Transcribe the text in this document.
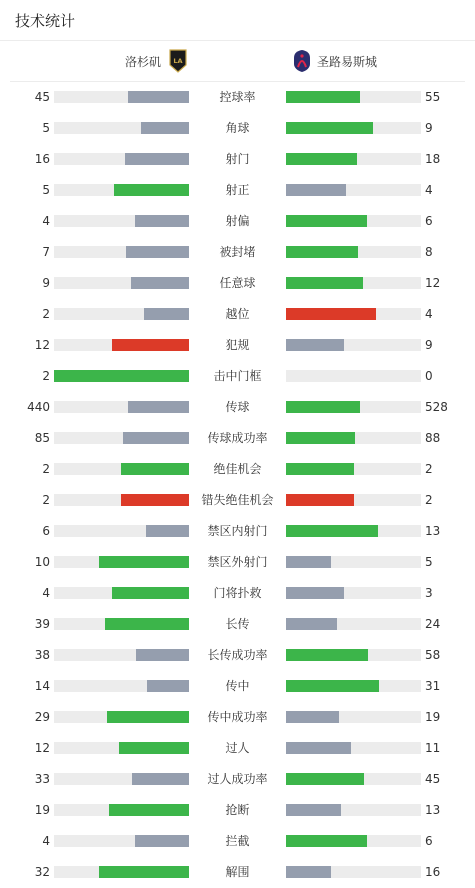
技术统计
洛杉矶 LA	圣路易斯城
45	控球率	55
5	角球	9
16	射门	18
5	射正	4
4	射偏	6
7	被封堵	8
9	任意球	12
2	越位	4
12	犯规	9
2	击中门框	0
440	传球	528
85	传球成功率	88
2	绝佳机会	2
2	错失绝佳机会	2
6	禁区内射门	13
10	禁区外射门	5
4	门将扑救	3
39	长传	24
38	长传成功率	58
14	传中	31
29	传中成功率	19
12	过人	11
33	过人成功率	45
19	抢断	13
4	拦截	6
32	解围	16
